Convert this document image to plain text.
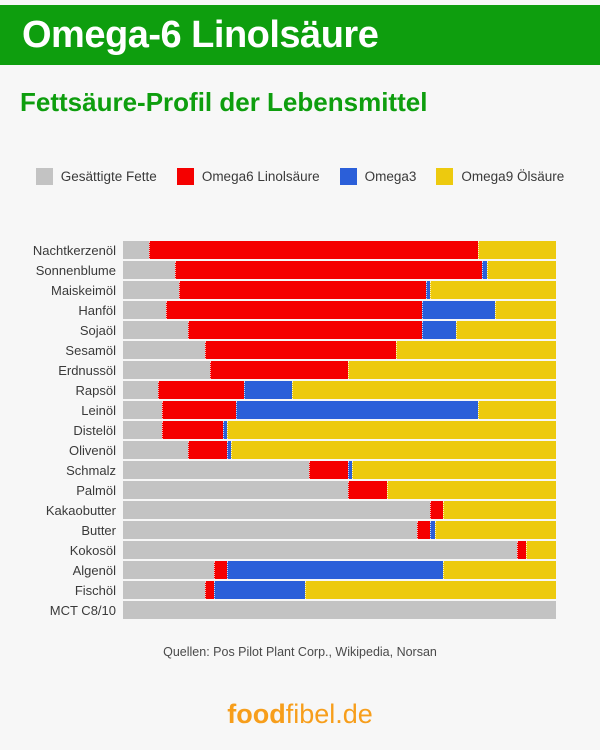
Omega-6 Linolsäure
Fettsäure-Profil der Lebensmittel
Gesättigte Fette	Omega6 Linolsäure	Omega3	Omega9 Ölsäure
Nachtkerzenöl
Sonnenblume
Maiskeimöl
Hanföl
Sojaöl
Sesamöl
Erdnussöl
Rapsöl
Leinöl
Distelöl
Olivenöl
Schmalz
Palmöl
Kakaobutter
Butter
Kokosöl
Algenöl
Fischöl
MCT C8/10
Quellen: Pos Pilot Plant Corp., Wikipedia, Norsan
foodfibel.de
